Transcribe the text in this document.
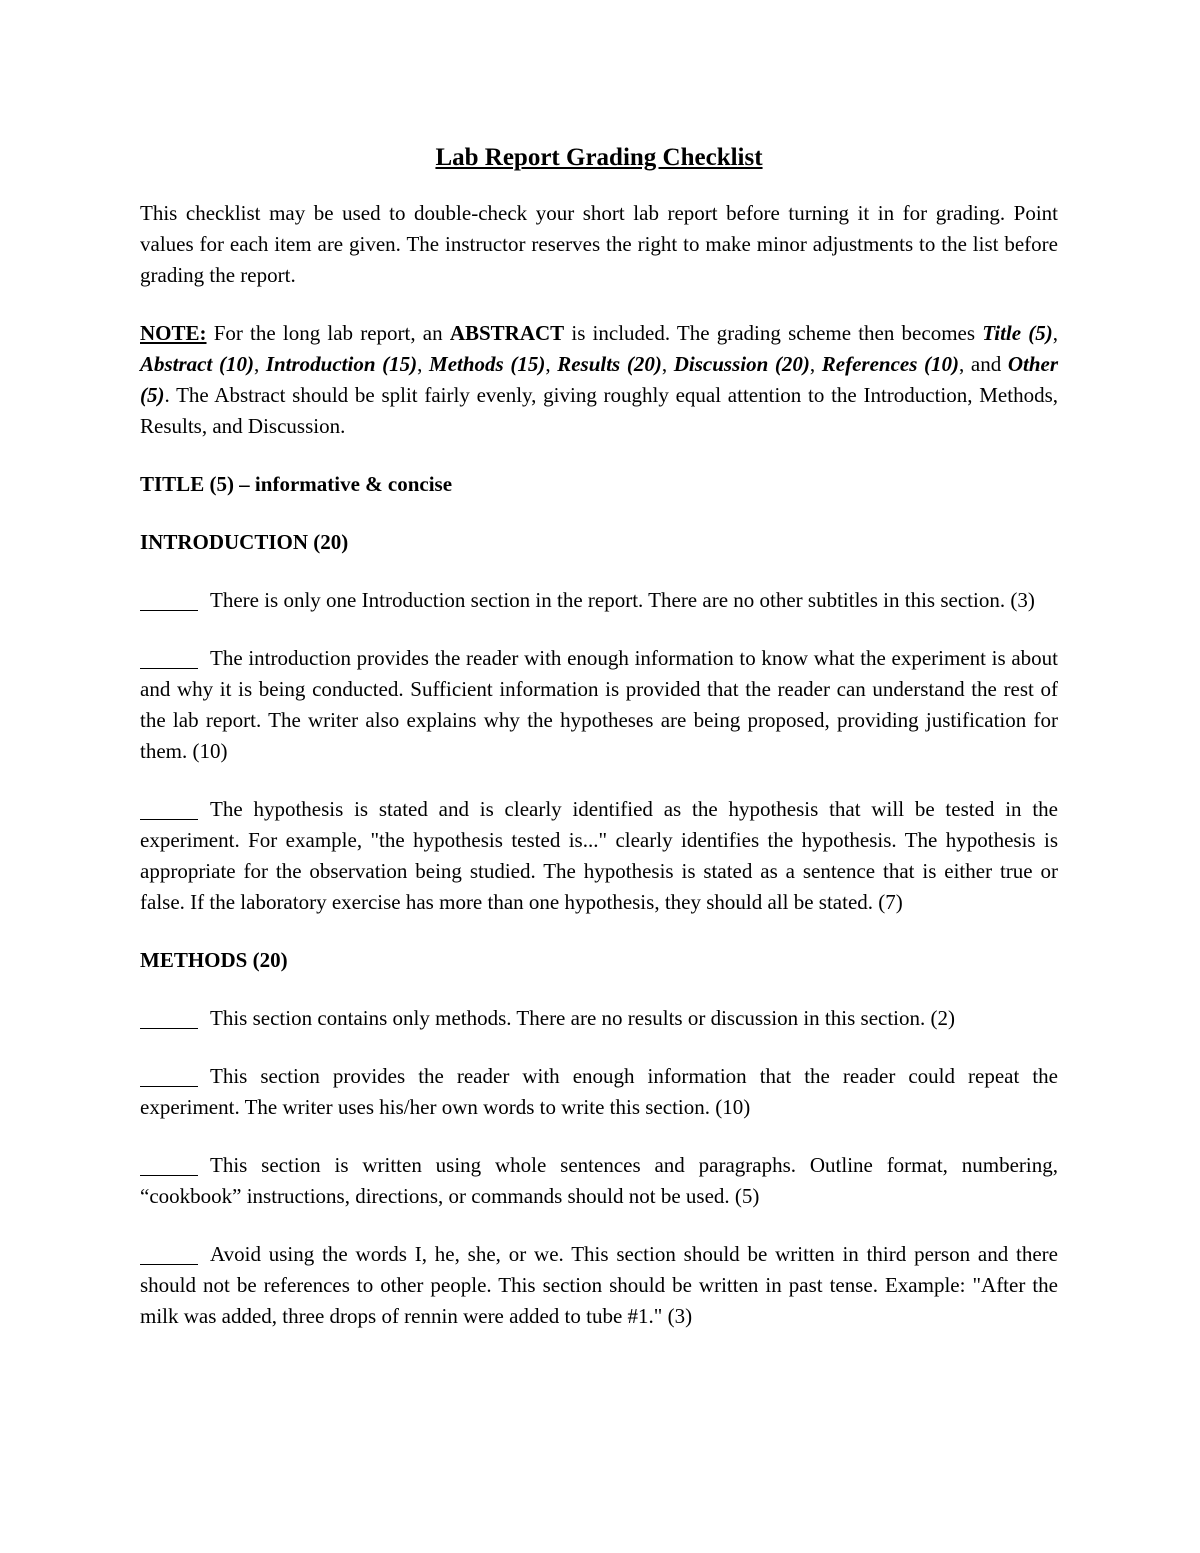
Lab Report Grading Checklist

This checklist may be used to double-check your short lab report before turning it in for grading. Point values for each item are given. The instructor reserves the right to make minor adjustments to the list before grading the report.

NOTE: For the long lab report, an ABSTRACT is included. The grading scheme then becomes Title (5), Abstract (10), Introduction (15), Methods (15), Results (20), Discussion (20), References (10), and Other (5). The Abstract should be split fairly evenly, giving roughly equal attention to the Introduction, Methods, Results, and Discussion.

TITLE (5) – informative & concise
INTRODUCTION (20)
There is only one Introduction section in the report. There are no other subtitles in this section. (3)
The introduction provides the reader with enough information to know what the experiment is about and why it is being conducted. Sufficient information is provided that the reader can understand the rest of the lab report. The writer also explains why the hypotheses are being proposed, providing justification for them. (10)
The hypothesis is stated and is clearly identified as the hypothesis that will be tested in the experiment. For example, "the hypothesis tested is..." clearly identifies the hypothesis. The hypothesis is appropriate for the observation being studied. The hypothesis is stated as a sentence that is either true or false. If the laboratory exercise has more than one hypothesis, they should all be stated. (7)
METHODS (20)
This section contains only methods. There are no results or discussion in this section. (2)
This section provides the reader with enough information that the reader could repeat the experiment. The writer uses his/her own words to write this section. (10)
This section is written using whole sentences and paragraphs. Outline format, numbering, “cookbook” instructions, directions, or commands should not be used. (5)
Avoid using the words I, he, she, or we. This section should be written in third person and there should not be references to other people. This section should be written in past tense. Example: "After the milk was added, three drops of rennin were added to tube #1." (3)
